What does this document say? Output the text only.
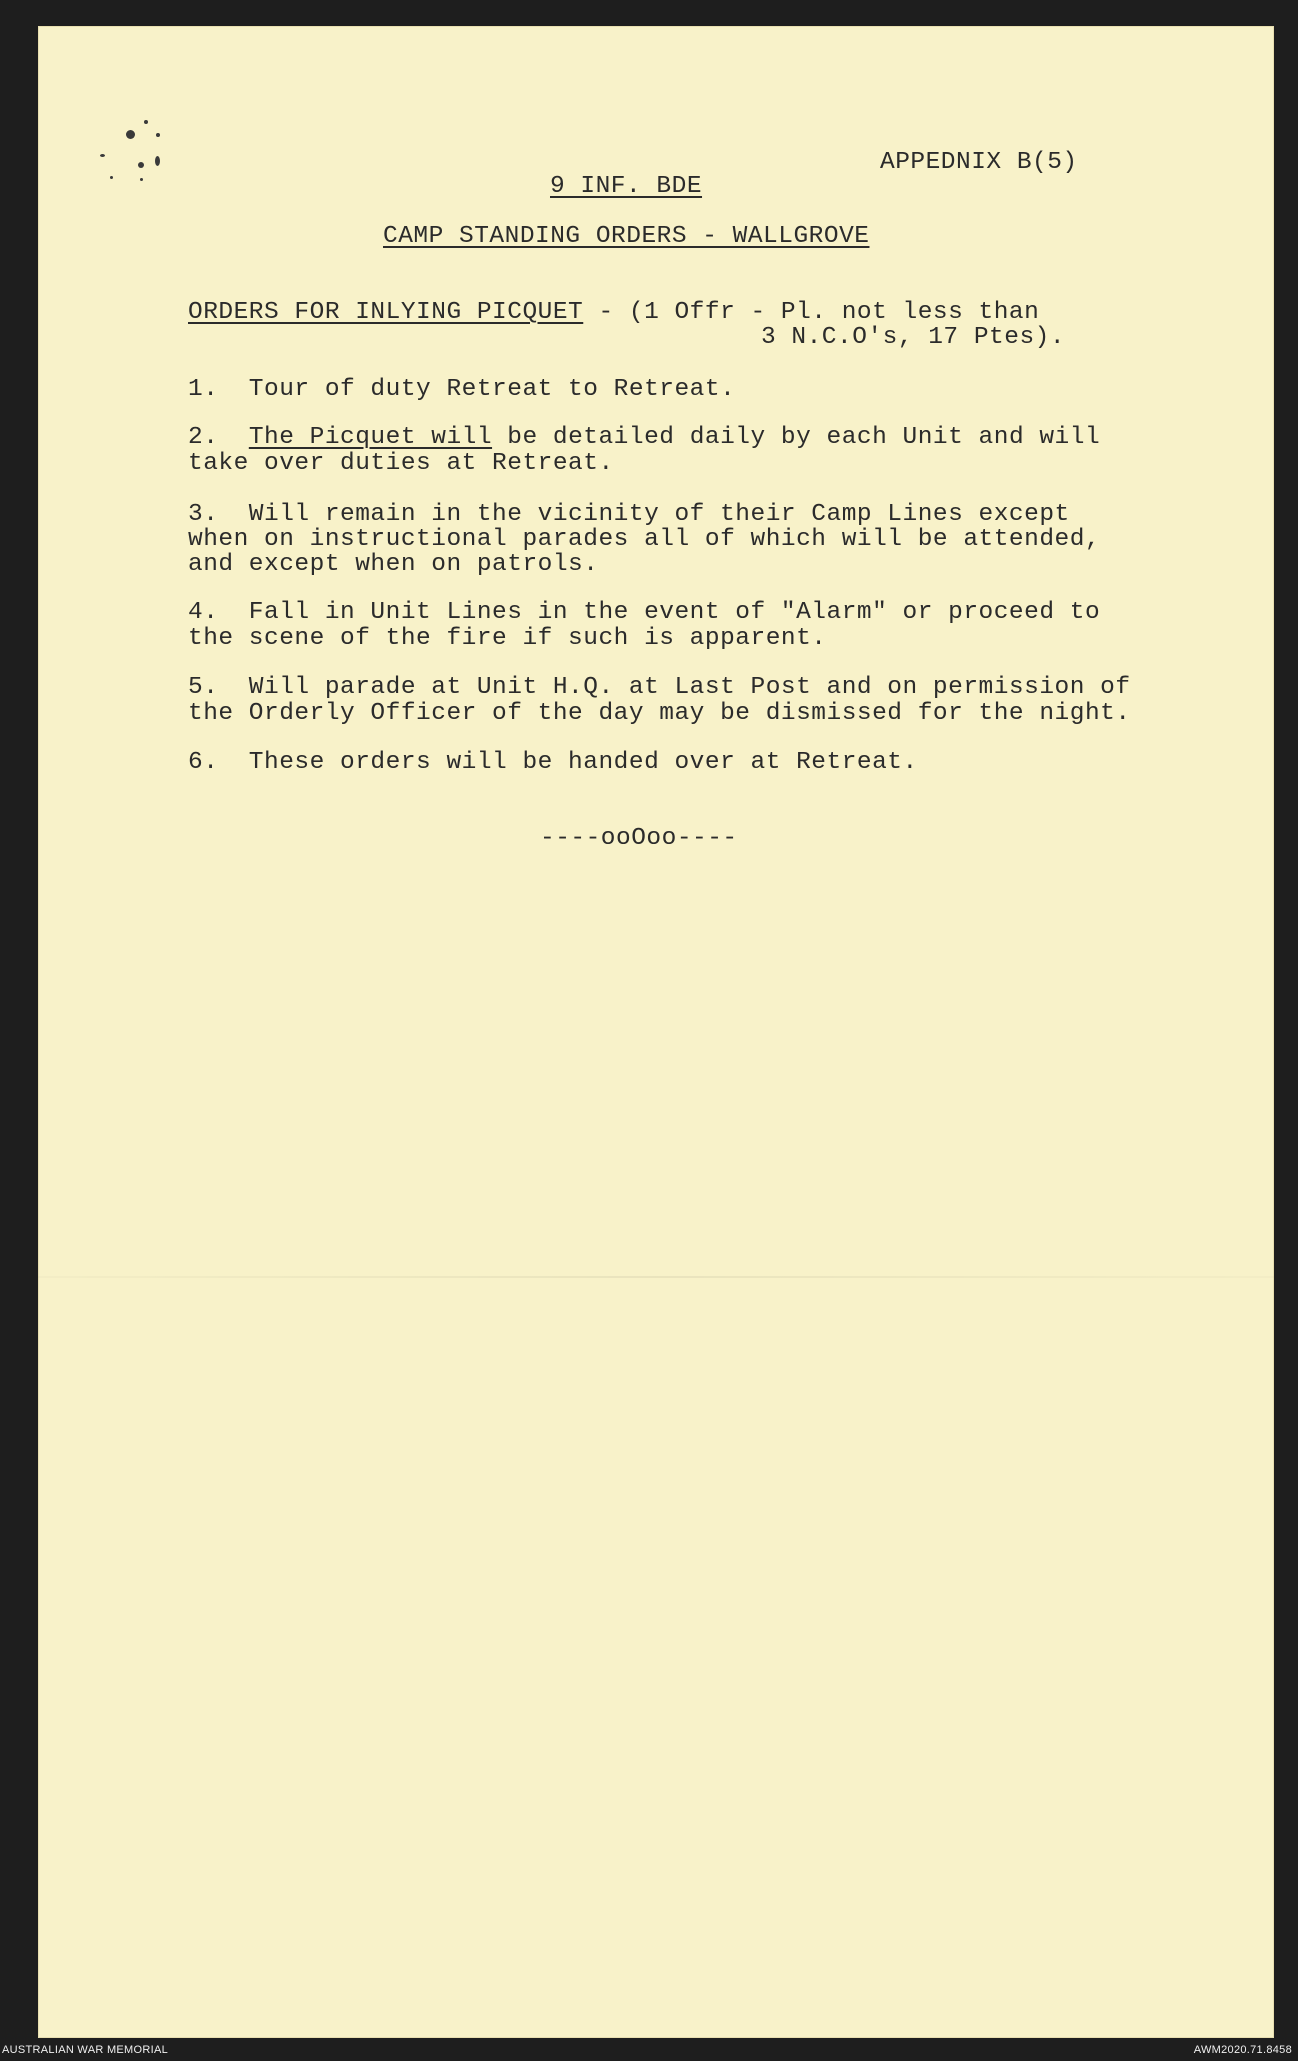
APPEDNIX B(5)
9 INF. BDE
CAMP STANDING ORDERS - WALLGROVE
ORDERS FOR INLYING PICQUET - (1 Offr - Pl. not less than
3 N.C.O's, 17 Ptes).
1.  Tour of duty Retreat to Retreat.
2.  The Picquet will be detailed daily by each Unit and will
take over duties at Retreat.
3.  Will remain in the vicinity of their Camp Lines except
when on instructional parades all of which will be attended,
and except when on patrols.
4.  Fall in Unit Lines in the event of "Alarm" or proceed to
the scene of the fire if such is apparent.
5.  Will parade at Unit H.Q. at Last Post and on permission of
the Orderly Officer of the day may be dismissed for the night.
6.  These orders will be handed over at Retreat.
----ooOoo----
AUSTRALIAN WAR MEMORIAL	AWM2020.71.8458
